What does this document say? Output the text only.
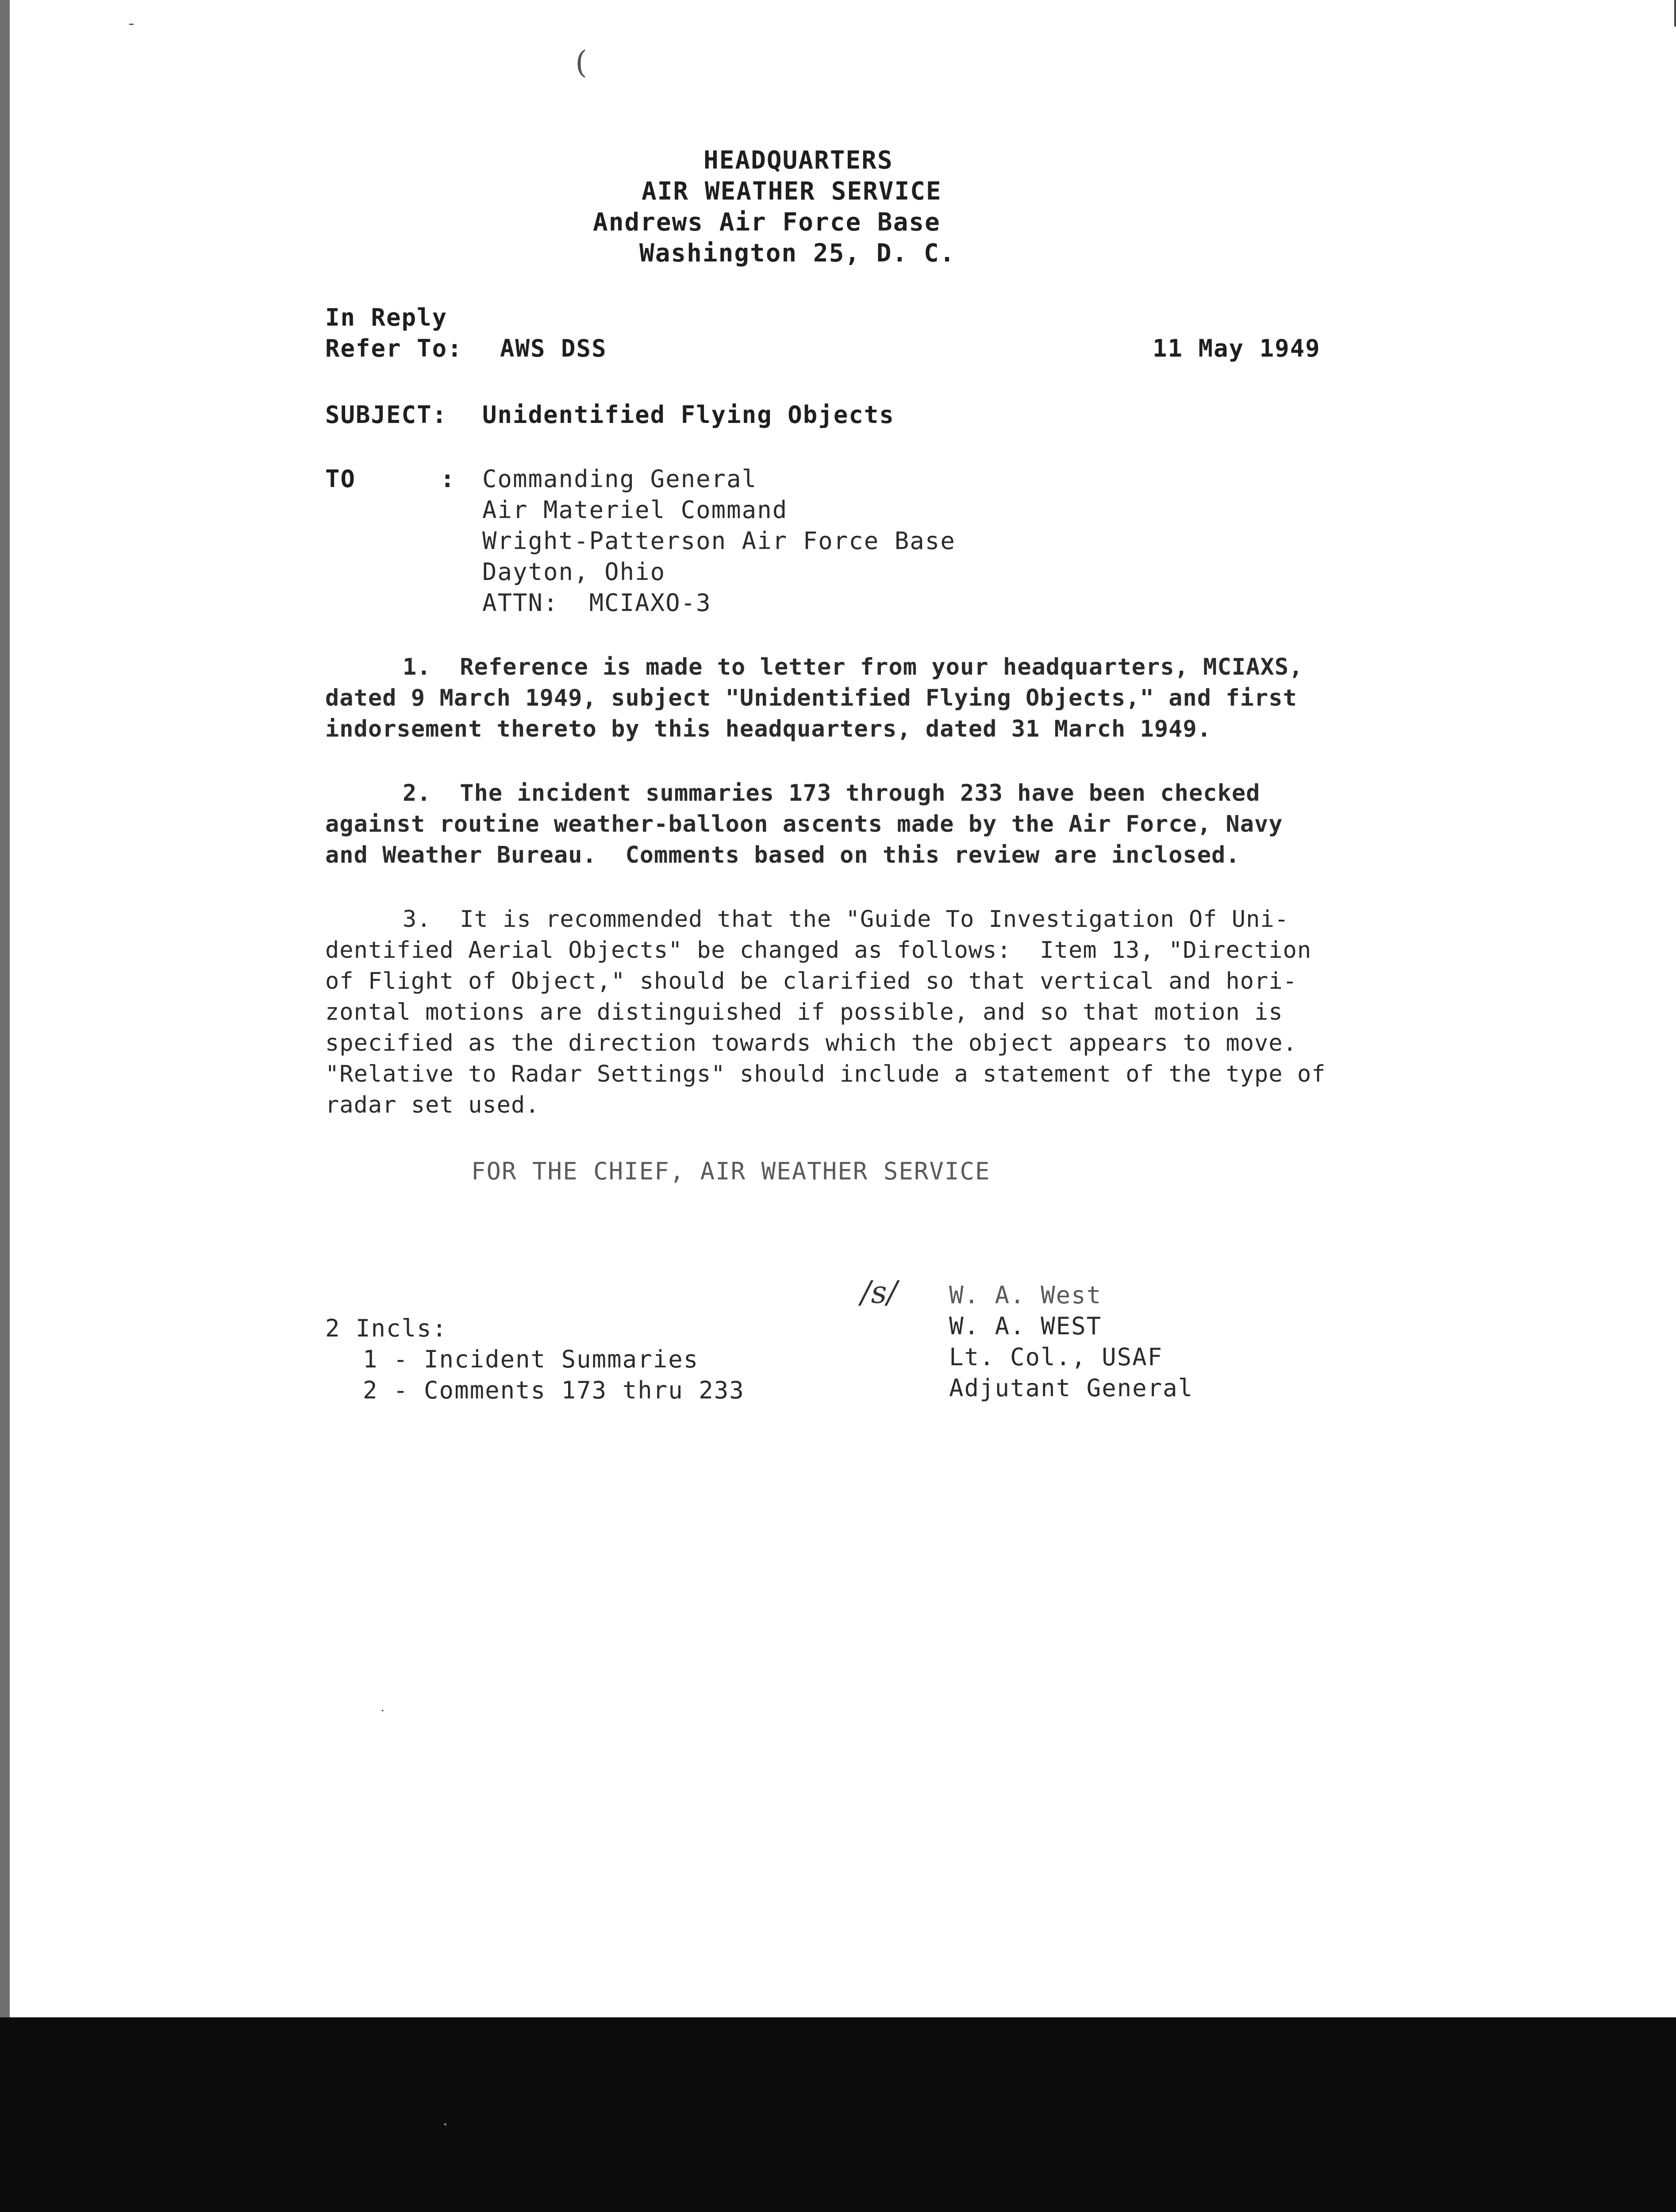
(
-
HEADQUARTERS
AIR WEATHER SERVICE
Andrews Air Force Base
Washington 25, D. C.
In Reply
Refer To: AWS DSS	11 May 1949
SUBJECT: Unidentified Flying Objects
TO	: Commanding General
Air Materiel Command
Wright-Patterson Air Force Base
Dayton, Ohio
ATTN:  MCIAXO-3
1.  Reference is made to letter from your headquarters, MCIAXS,
dated 9 March 1949, subject "Unidentified Flying Objects," and first
indorsement thereto by this headquarters, dated 31 March 1949.
2.  The incident summaries 173 through 233 have been checked
against routine weather-balloon ascents made by the Air Force, Navy
and Weather Bureau.  Comments based on this review are inclosed.
3.  It is recommended that the "Guide To Investigation Of Uni-
dentified Aerial Objects" be changed as follows:  Item 13, "Direction
of Flight of Object," should be clarified so that vertical and hori-
zontal motions are distinguished if possible, and so that motion is
specified as the direction towards which the object appears to move.
"Relative to Radar Settings" should include a statement of the type of
radar set used.
FOR THE CHIEF, AIR WEATHER SERVICE
/s/ W. A. West
W. A. WEST
Lt. Col., USAF
Adjutant General
2 Incls:
1 - Incident Summaries
2 - Comments 173 thru 233
·
·
